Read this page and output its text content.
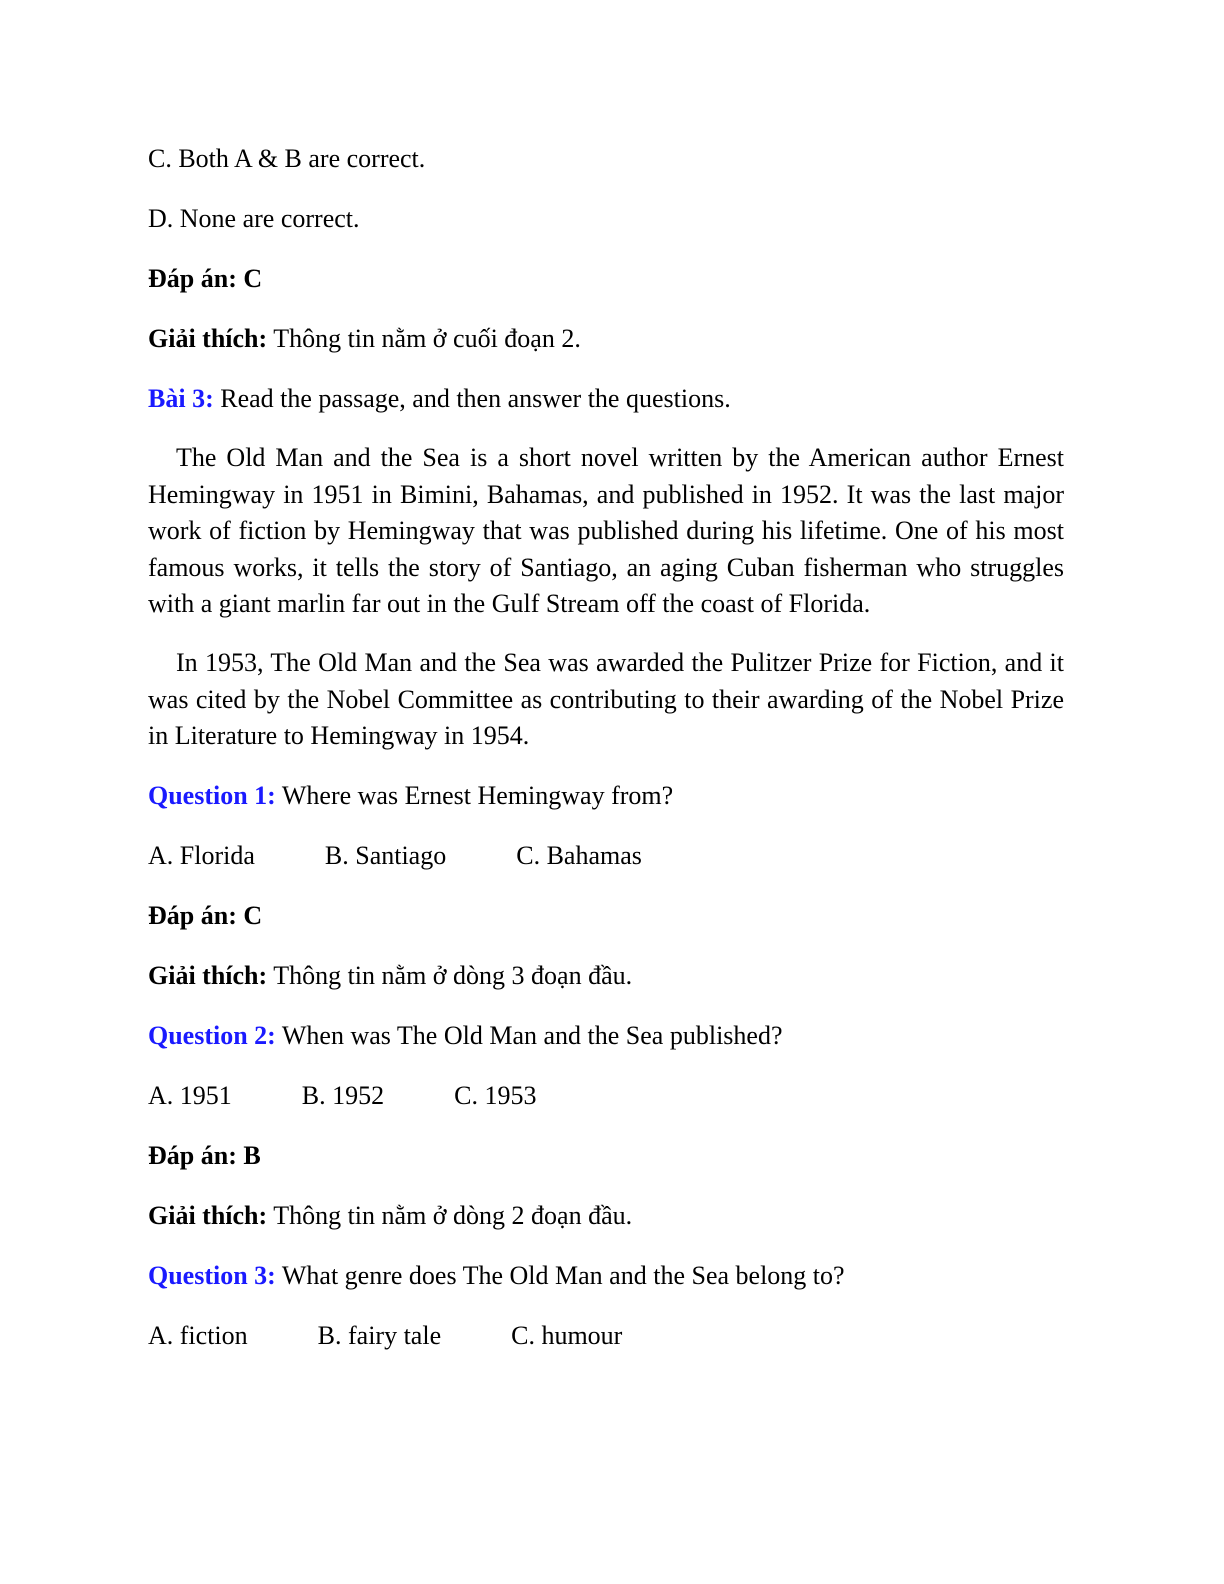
C. Both A & B are correct.

D. None are correct.

Đáp án: C

Giải thích: Thông tin nằm ở cuối đoạn 2.

Bài 3: Read the passage, and then answer the questions.

The Old Man and the Sea is a short novel written by the American author Ernest Hemingway in 1951 in Bimini, Bahamas, and published in 1952. It was the last major work of fiction by Hemingway that was published during his lifetime. One of his most famous works, it tells the story of Santiago, an aging Cuban fisherman who struggles with a giant marlin far out in the Gulf Stream off the coast of Florida.

In 1953, The Old Man and the Sea was awarded the Pulitzer Prize for Fiction, and it was cited by the Nobel Committee as contributing to their awarding of the Nobel Prize in Literature to Hemingway in 1954.

Question 1: Where was Ernest Hemingway from?

A. Florida	B. Santiago	C. Bahamas

Đáp án: C

Giải thích: Thông tin nằm ở dòng 3 đoạn đầu.

Question 2: When was The Old Man and the Sea published?

A. 1951	B. 1952	C. 1953

Đáp án: B

Giải thích: Thông tin nằm ở dòng 2 đoạn đầu.

Question 3: What genre does The Old Man and the Sea belong to?

A. fiction	B. fairy tale	C. humour
